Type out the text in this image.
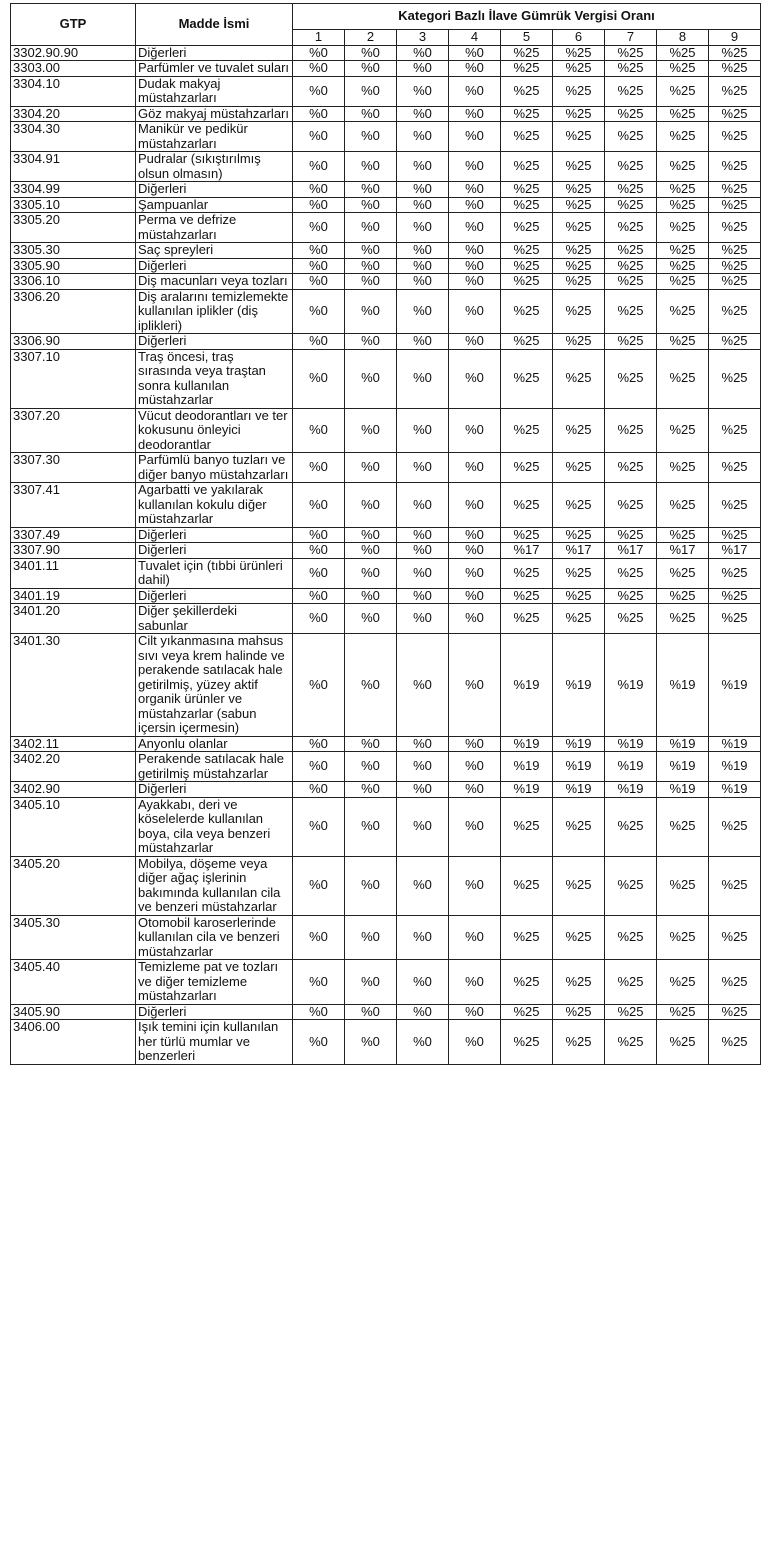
GTP	Madde İsmi	Kategori Bazlı İlave Gümrük Vergisi Oranı								
		1	2	3	4	5	6	7	8	9
3302.90.90	Diğerleri	%0	%0	%0	%0	%25	%25	%25	%25	%25
3303.00	Parfümler ve tuvalet suları	%0	%0	%0	%0	%25	%25	%25	%25	%25
3304.10	Dudak makyaj müstahzarları	%0	%0	%0	%0	%25	%25	%25	%25	%25
3304.20	Göz makyaj müstahzarları	%0	%0	%0	%0	%25	%25	%25	%25	%25
3304.30	Manikür ve pedikür müstahzarları	%0	%0	%0	%0	%25	%25	%25	%25	%25
3304.91	Pudralar (sıkıştırılmış olsun olmasın)	%0	%0	%0	%0	%25	%25	%25	%25	%25
3304.99	Diğerleri	%0	%0	%0	%0	%25	%25	%25	%25	%25
3305.10	Şampuanlar	%0	%0	%0	%0	%25	%25	%25	%25	%25
3305.20	Perma ve defrize müstahzarları	%0	%0	%0	%0	%25	%25	%25	%25	%25
3305.30	Saç spreyleri	%0	%0	%0	%0	%25	%25	%25	%25	%25
3305.90	Diğerleri	%0	%0	%0	%0	%25	%25	%25	%25	%25
3306.10	Diş macunları veya tozları	%0	%0	%0	%0	%25	%25	%25	%25	%25
3306.20	Diş aralarını temizlemekte kullanılan iplikler (diş iplikleri)	%0	%0	%0	%0	%25	%25	%25	%25	%25
3306.90	Diğerleri	%0	%0	%0	%0	%25	%25	%25	%25	%25
3307.10	Traş öncesi, traş sırasında veya traştan sonra kullanılan müstahzarlar	%0	%0	%0	%0	%25	%25	%25	%25	%25
3307.20	Vücut deodorantları ve ter kokusunu önleyici deodorantlar	%0	%0	%0	%0	%25	%25	%25	%25	%25
3307.30	Parfümlü banyo tuzları ve diğer banyo müstahzarları	%0	%0	%0	%0	%25	%25	%25	%25	%25
3307.41	Agarbatti ve yakılarak kullanılan kokulu diğer müstahzarlar	%0	%0	%0	%0	%25	%25	%25	%25	%25
3307.49	Diğerleri	%0	%0	%0	%0	%25	%25	%25	%25	%25
3307.90	Diğerleri	%0	%0	%0	%0	%17	%17	%17	%17	%17
3401.11	Tuvalet için (tıbbi ürünleri dahil)	%0	%0	%0	%0	%25	%25	%25	%25	%25
3401.19	Diğerleri	%0	%0	%0	%0	%25	%25	%25	%25	%25
3401.20	Diğer şekillerdeki sabunlar	%0	%0	%0	%0	%25	%25	%25	%25	%25
3401.30	Cilt yıkanmasına mahsus sıvı veya krem halinde ve perakende satılacak hale getirilmiş, yüzey aktif organik ürünler ve müstahzarlar (sabun içersin içermesin)	%0	%0	%0	%0	%19	%19	%19	%19	%19
3402.11	Anyonlu olanlar	%0	%0	%0	%0	%19	%19	%19	%19	%19
3402.20	Perakende satılacak hale getirilmiş müstahzarlar	%0	%0	%0	%0	%19	%19	%19	%19	%19
3402.90	Diğerleri	%0	%0	%0	%0	%19	%19	%19	%19	%19
3405.10	Ayakkabı, deri ve köselelerde kullanılan boya, cila veya benzeri müstahzarlar	%0	%0	%0	%0	%25	%25	%25	%25	%25
3405.20	Mobilya, döşeme veya diğer ağaç işlerinin bakımında kullanılan cila ve benzeri müstahzarlar	%0	%0	%0	%0	%25	%25	%25	%25	%25
3405.30	Otomobil karoserlerinde kullanılan cila ve benzeri müstahzarlar	%0	%0	%0	%0	%25	%25	%25	%25	%25
3405.40	Temizleme pat ve tozları ve diğer temizleme müstahzarları	%0	%0	%0	%0	%25	%25	%25	%25	%25
3405.90	Diğerleri	%0	%0	%0	%0	%25	%25	%25	%25	%25
3406.00	Işık temini için kullanılan her türlü mumlar ve benzerleri	%0	%0	%0	%0	%25	%25	%25	%25	%25
